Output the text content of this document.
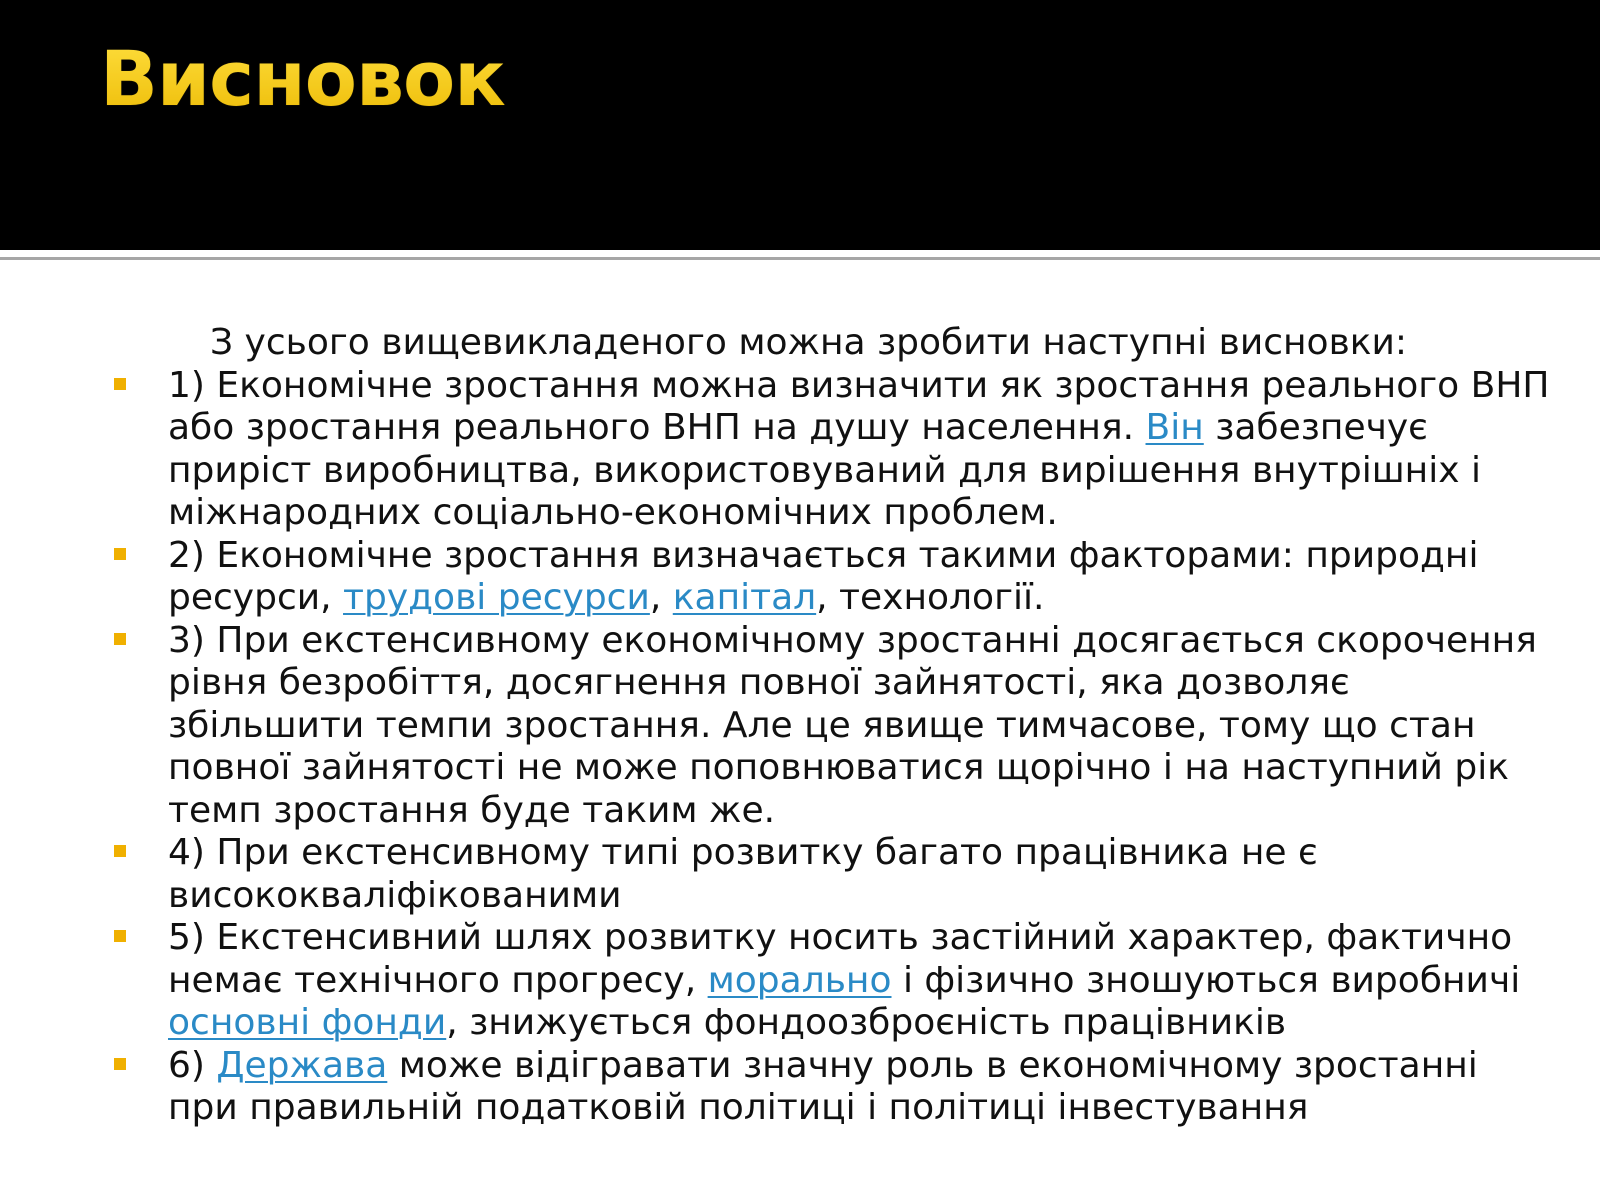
Висновок

З усього вищевикладеного можна зробити наступні висновки:

1) Економічне зростання можна визначити як зростання реального ВНП або зростання реального ВНП на душу населення. Він забезпечує приріст виробництва, використовуваний для вирішення внутрішніх і міжнародних соціально-економічних проблем.
2) Економічне зростання визначається такими факторами: природні ресурси, трудові ресурси, капітал, технології.
3) При екстенсивному економічному зростанні досягається скорочення рівня безробіття, досягнення повної зайнятості, яка дозволяє збільшити темпи зростання. Але це явище тимчасове, тому що стан повної зайнятості не може поповнюватися щорічно і на наступний рік темп зростання буде таким же.
4) При екстенсивному типі розвитку багато працівника не є висококваліфікованими
5) Екстенсивний шлях розвитку носить застійний характер, фактично немає технічного прогресу, морально і фізично зношуються виробничі основні фонди, знижується фондоозброєність працівників
6) Держава може відігравати значну роль в економічному зростанні при правильній податковій політиці і політиці інвестування
